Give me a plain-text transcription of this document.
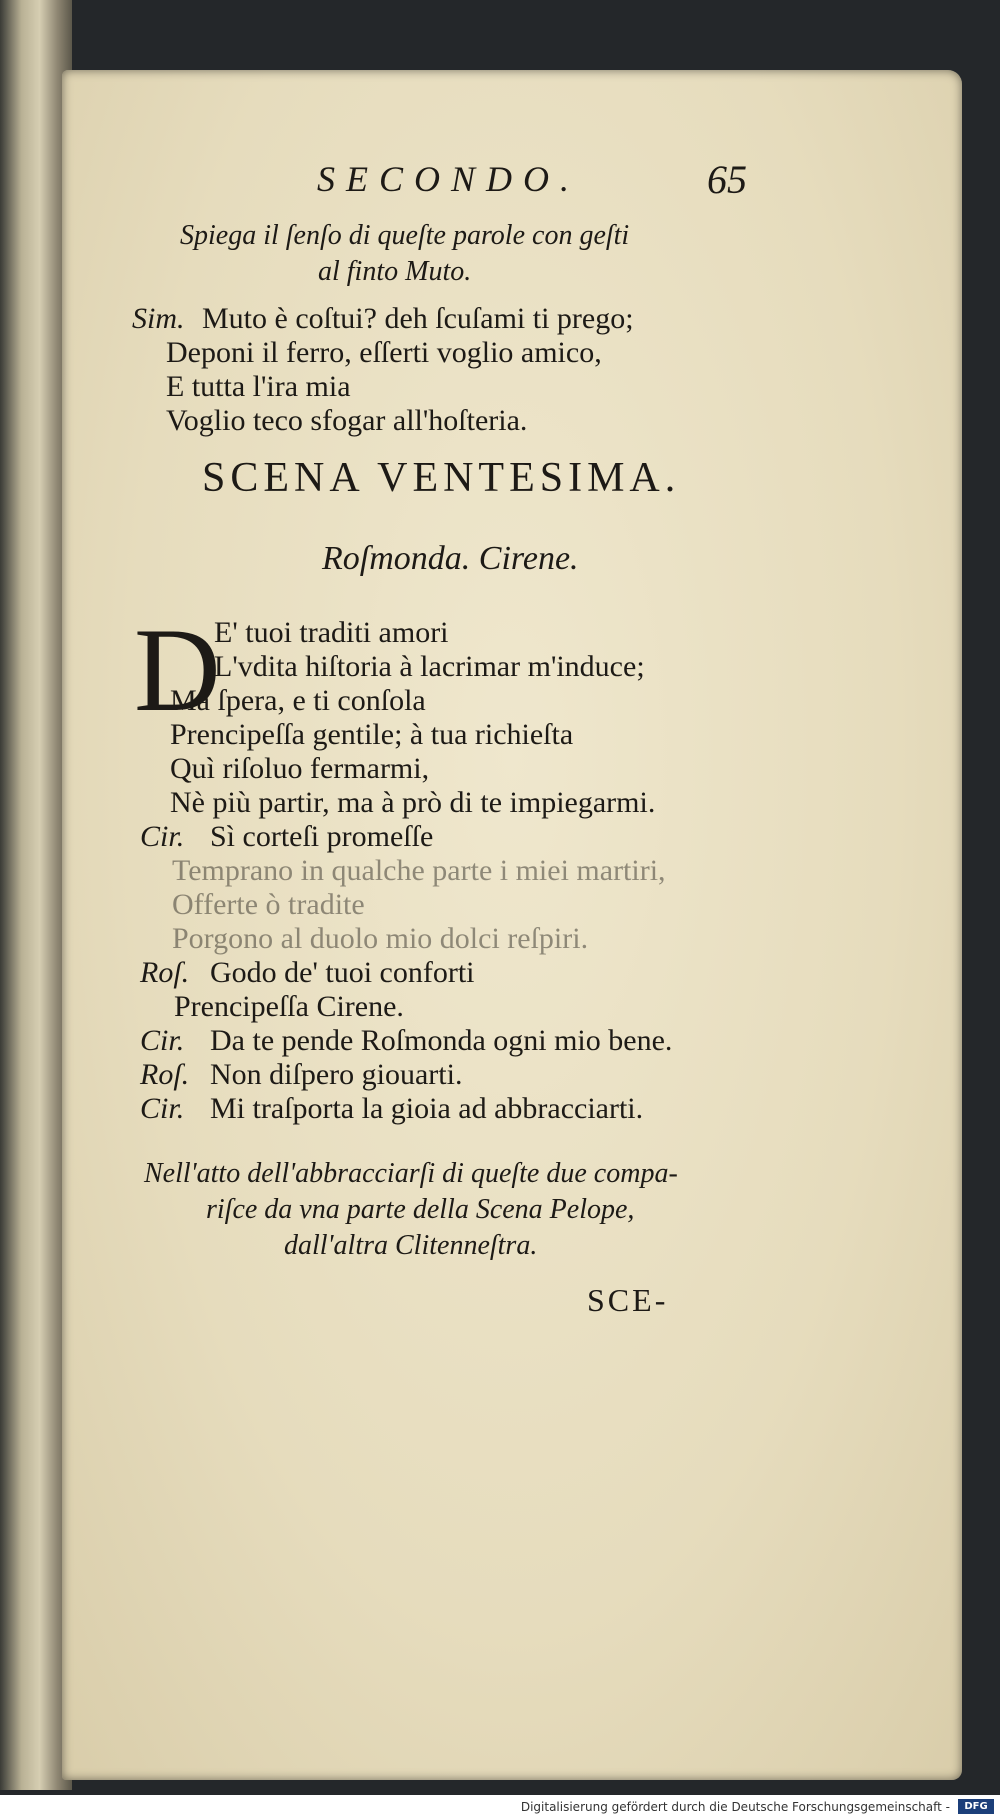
SECONDO.	65
Spiega il ſenſo di queſte parole con geſti
al finto Muto.
Sim. Muto è coſtui? deh ſcuſami ti prego;
Deponi il ferro, eſſerti voglio amico,
E tutta l'ira mia
Voglio teco sfogar all'hoſteria.
SCENA VENTESIMA.
Roſmonda. Cirene.
D
E' tuoi traditi amori
L'vdita hiſtoria à lacrimar m'induce;
Ma ſpera, e ti conſola
Prencipeſſa gentile; à tua richieſta
Quì riſoluo fermarmi,
Nè più partir, ma à prò di te impiegarmi.
Cir. Sì corteſi promeſſe
Temprano in qualche parte i miei martiri,
Offerte ò tradite
Porgono al duolo mio dolci reſpiri.
Roſ. Godo de' tuoi conforti
Prencipeſſa Cirene.
Cir. Da te pende Roſmonda ogni mio bene.
Roſ. Non diſpero giouarti.
Cir. Mi traſporta la gioia ad abbracciarti.
Nell'atto dell'abbracciarſi di queſte due compa-
riſce da vna parte della Scena Pelope,
dall'altra Clitenneſtra.
SCE-
Digitalisierung gefördert durch die Deutsche Forschungsgemeinschaft -	DFG
